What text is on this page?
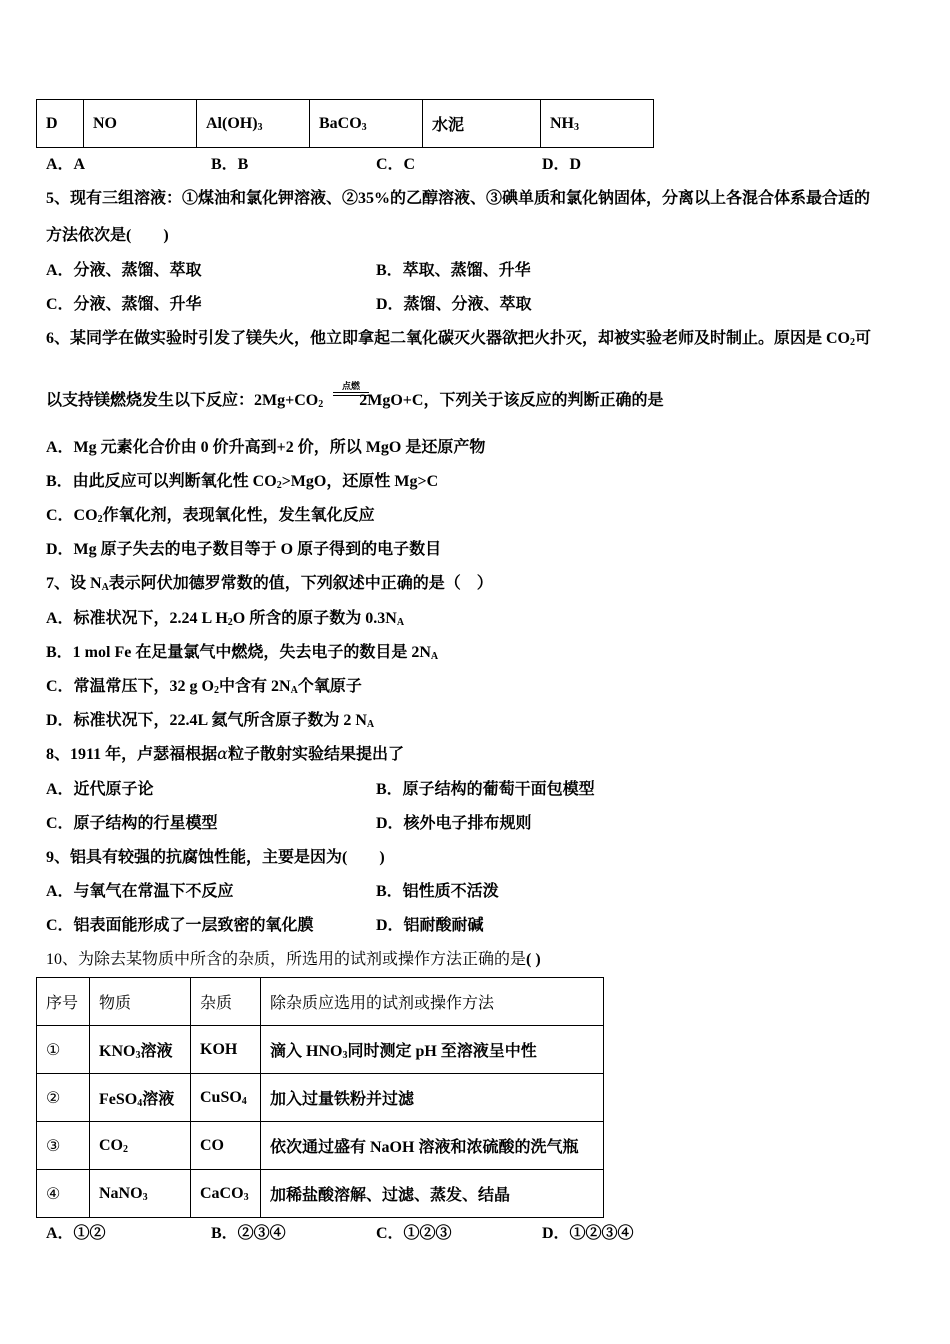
D	NO	$Al(OH)_3$	BaCO$_3$	水泥	$NH_3$
A．A	B．B	C．C	D．D
5、现有三组溶液：①煤油和氯化钾溶液、②35%的乙醇溶液、③碘单质和氯化钠固体，分离以上各混合体系最合适的
方法依次是(　　)
A．分液、蒸馏、萃取	B．萃取、蒸馏、升华
C．分液、蒸馏、升华	D．蒸馏、分液、萃取
6、某同学在做实验时引发了镁失火，他立即拿起二氧化碳灭火器欲把火扑灭，却被实验老师及时制止。原因是 $CO_2$可
以支持镁燃烧发生以下反应：$2Mg+CO_2$ 2MgO+C，下列关于该反应的判断正确的是
点燃
A．Mg 元素化合价由 0 价升高到+2 价，所以 MgO 是还原产物
B．由此反应可以判断氧化性 $CO_2>MgO$，还原性 Mg>C
C．$CO_2$作氧化剂，表现氧化性，发生氧化反应
D．Mg 原子失去的电子数目等于 O 原子得到的电子数目
7、设 $N_A$表示阿伏加德罗常数的值，下列叙述中正确的是（　）
A．标准状况下，2.24 L $H_2O$ 所含的原子数为 $0.3N_A$
B．1 mol Fe 在足量氯气中燃烧，失去电子的数目是 $2N_A$
C．常温常压下，32 g $O_2$中含有 $2N_A$个氧原子
D．标准状况下，22.4L 氦气所含原子数为 2 $N_A$
8、1911 年，卢瑟福根据α粒子散射实验结果提出了
A．近代原子论	B．原子结构的葡萄干面包模型
C．原子结构的行星模型	D．核外电子排布规则
9、铝具有较强的抗腐蚀性能，主要是因为(　　)
A．与氧气在常温下不反应	B．铝性质不活泼
C．铝表面能形成了一层致密的氧化膜	D．铝耐酸耐碱
10、为除去某物质中所含的杂质，所选用的试剂或操作方法正确的是( )
序号	物质	杂质	除杂质应选用的试剂或操作方法
①	$KNO_3$溶液	KOH	滴入 $HNO_3$同时测定 pH 至溶液呈中性
②	FeSO$_4$溶液	CuSO$_4$	加入过量铁粉并过滤
③	$CO_2$	CO	依次通过盛有 NaOH 溶液和浓硫酸的洗气瓶
④	NaNO$_3$	CaCO$_3$	加稀盐酸溶解、过滤、蒸发、结晶
A．①②	B．②③④	C．①②③	D．①②③④
